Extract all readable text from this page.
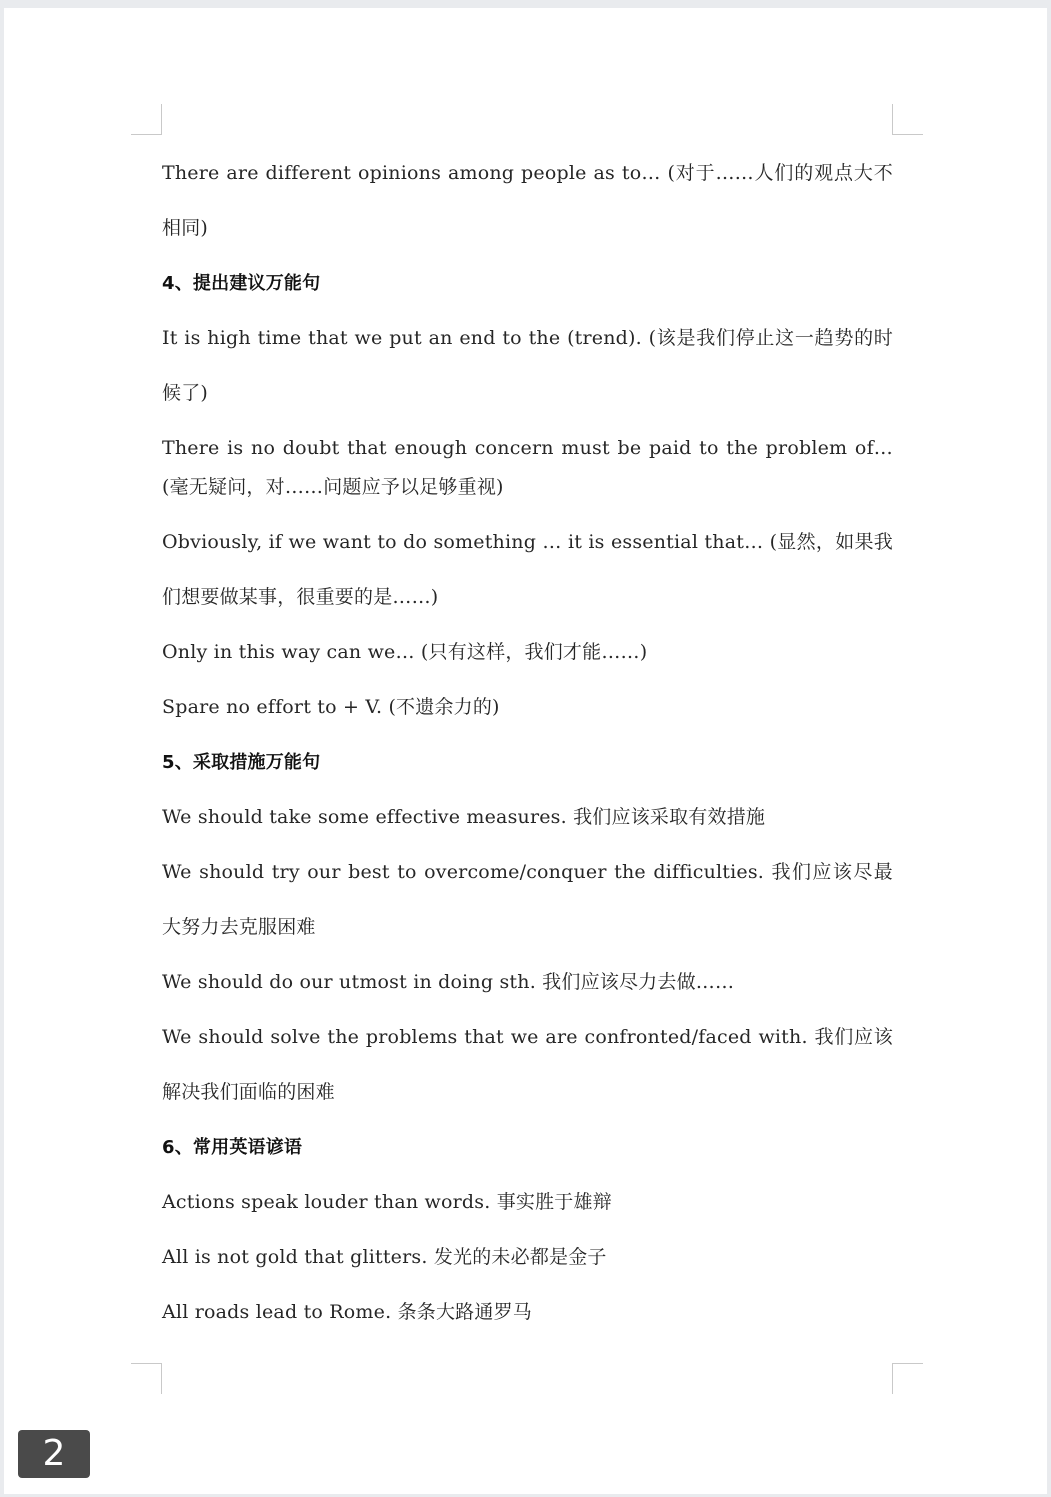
There are different opinions among people as to… (对于……人们的观点大不相同)

4、提出建议万能句

It is high time that we put an end to the (trend). (该是我们停止这一趋势的时候了)

There is no doubt that enough concern must be paid to the problem of… (毫无疑问，对……问题应予以足够重视)

Obviously, if we want to do something … it is essential that… (显然，如果我们想要做某事，很重要的是……)

Only in this way can we… (只有这样，我们才能……)

Spare no effort to + V. (不遗余力的)

5、采取措施万能句

We should take some effective measures. 我们应该采取有效措施

We should try our best to overcome/conquer the difficulties. 我们应该尽最大努力去克服困难

We should do our utmost in doing sth. 我们应该尽力去做……

We should solve the problems that we are confronted/faced with. 我们应该解决我们面临的困难

6、常用英语谚语

Actions speak louder than words. 事实胜于雄辩

All is not gold that glitters. 发光的未必都是金子

All roads lead to Rome. 条条大路通罗马

2
